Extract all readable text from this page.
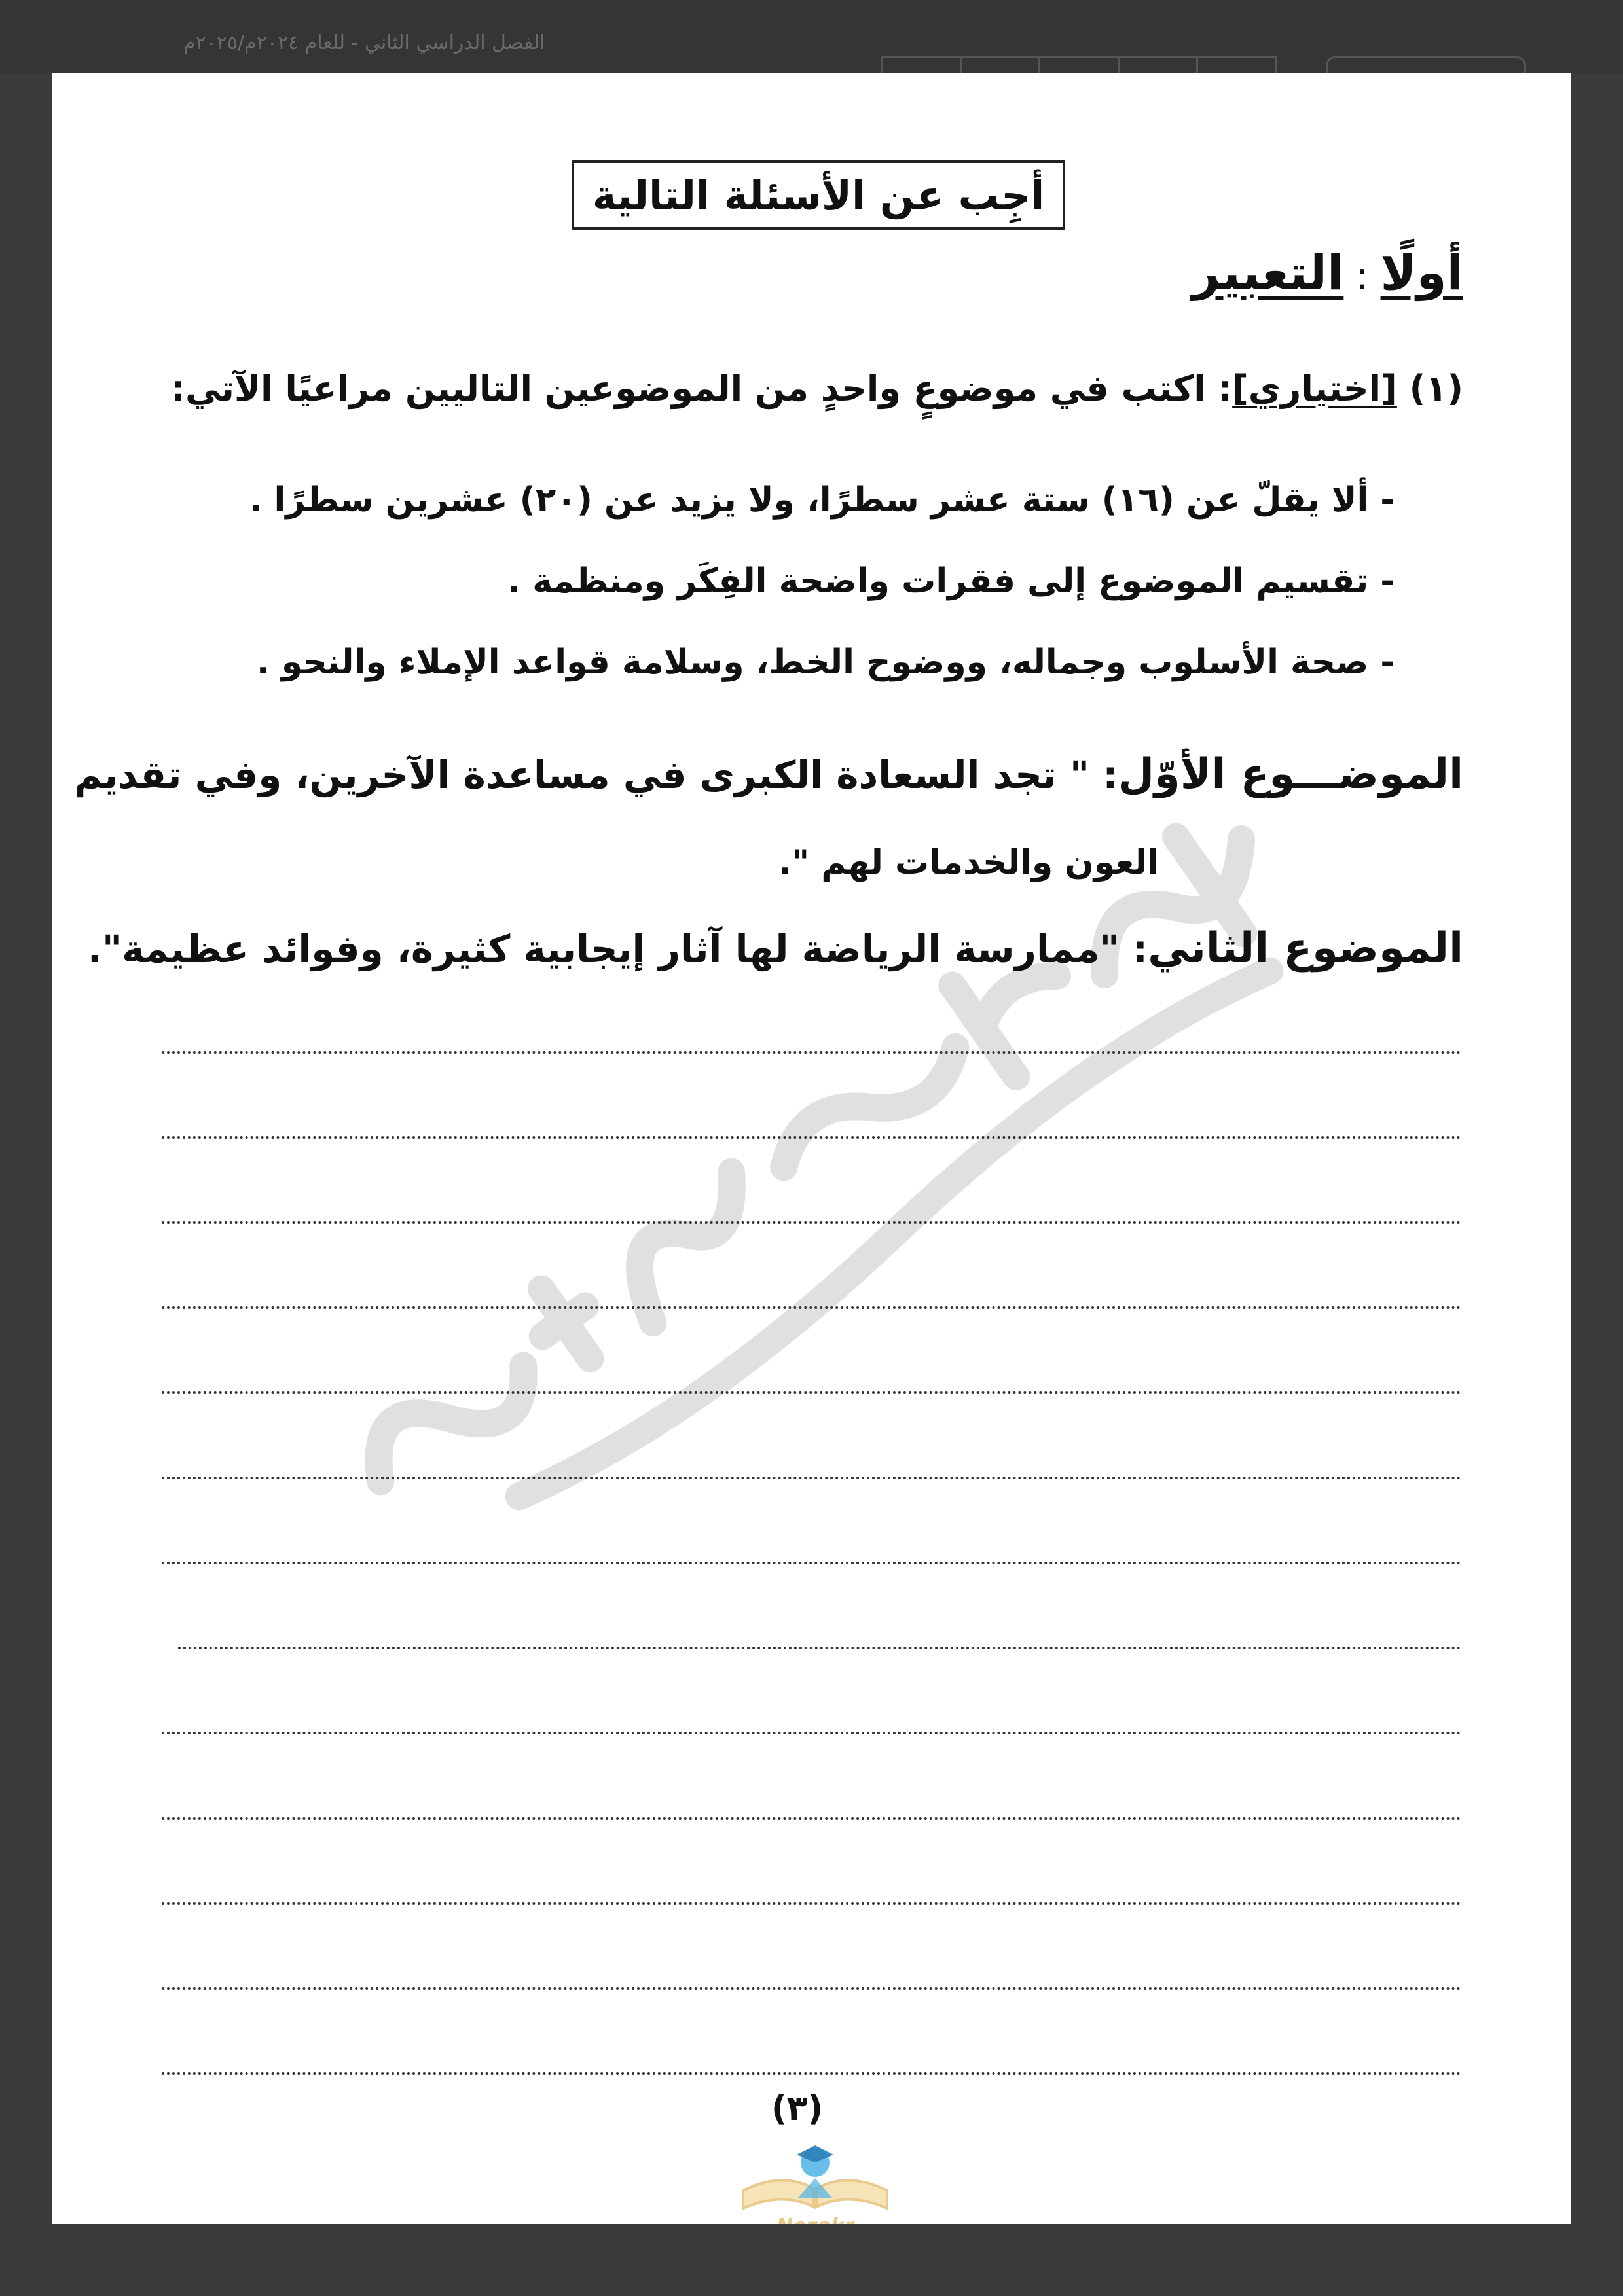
الفصل الدراسي الثاني - للعام ٢٠٢٤م/٢٠٢٥م
أجِب عن الأسئلة التالية
أولًا:التعبير
(١) [اختياري]: اكتب في موضوعٍ واحدٍ من الموضوعين التاليين مراعيًا الآتي:
- ألا يقلّ عن (١٦) ستة عشر سطرًا، ولا يزيد عن (٢٠) عشرين سطرًا .
- تقسيم الموضوع إلى فقرات واضحة الفِكَر ومنظمة .
- صحة الأسلوب وجماله، ووضوح الخط، وسلامة قواعد الإملاء والنحو .
الموضـــوع الأوّل: " تجد السعادة الكبرى في مساعدة الآخرين، وفي تقديم
العون والخدمات لهم ".
الموضوع الثاني: "ممارسة الرياضة لها آثار إيجابية كثيرة، وفوائد عظيمة".
(٣)
